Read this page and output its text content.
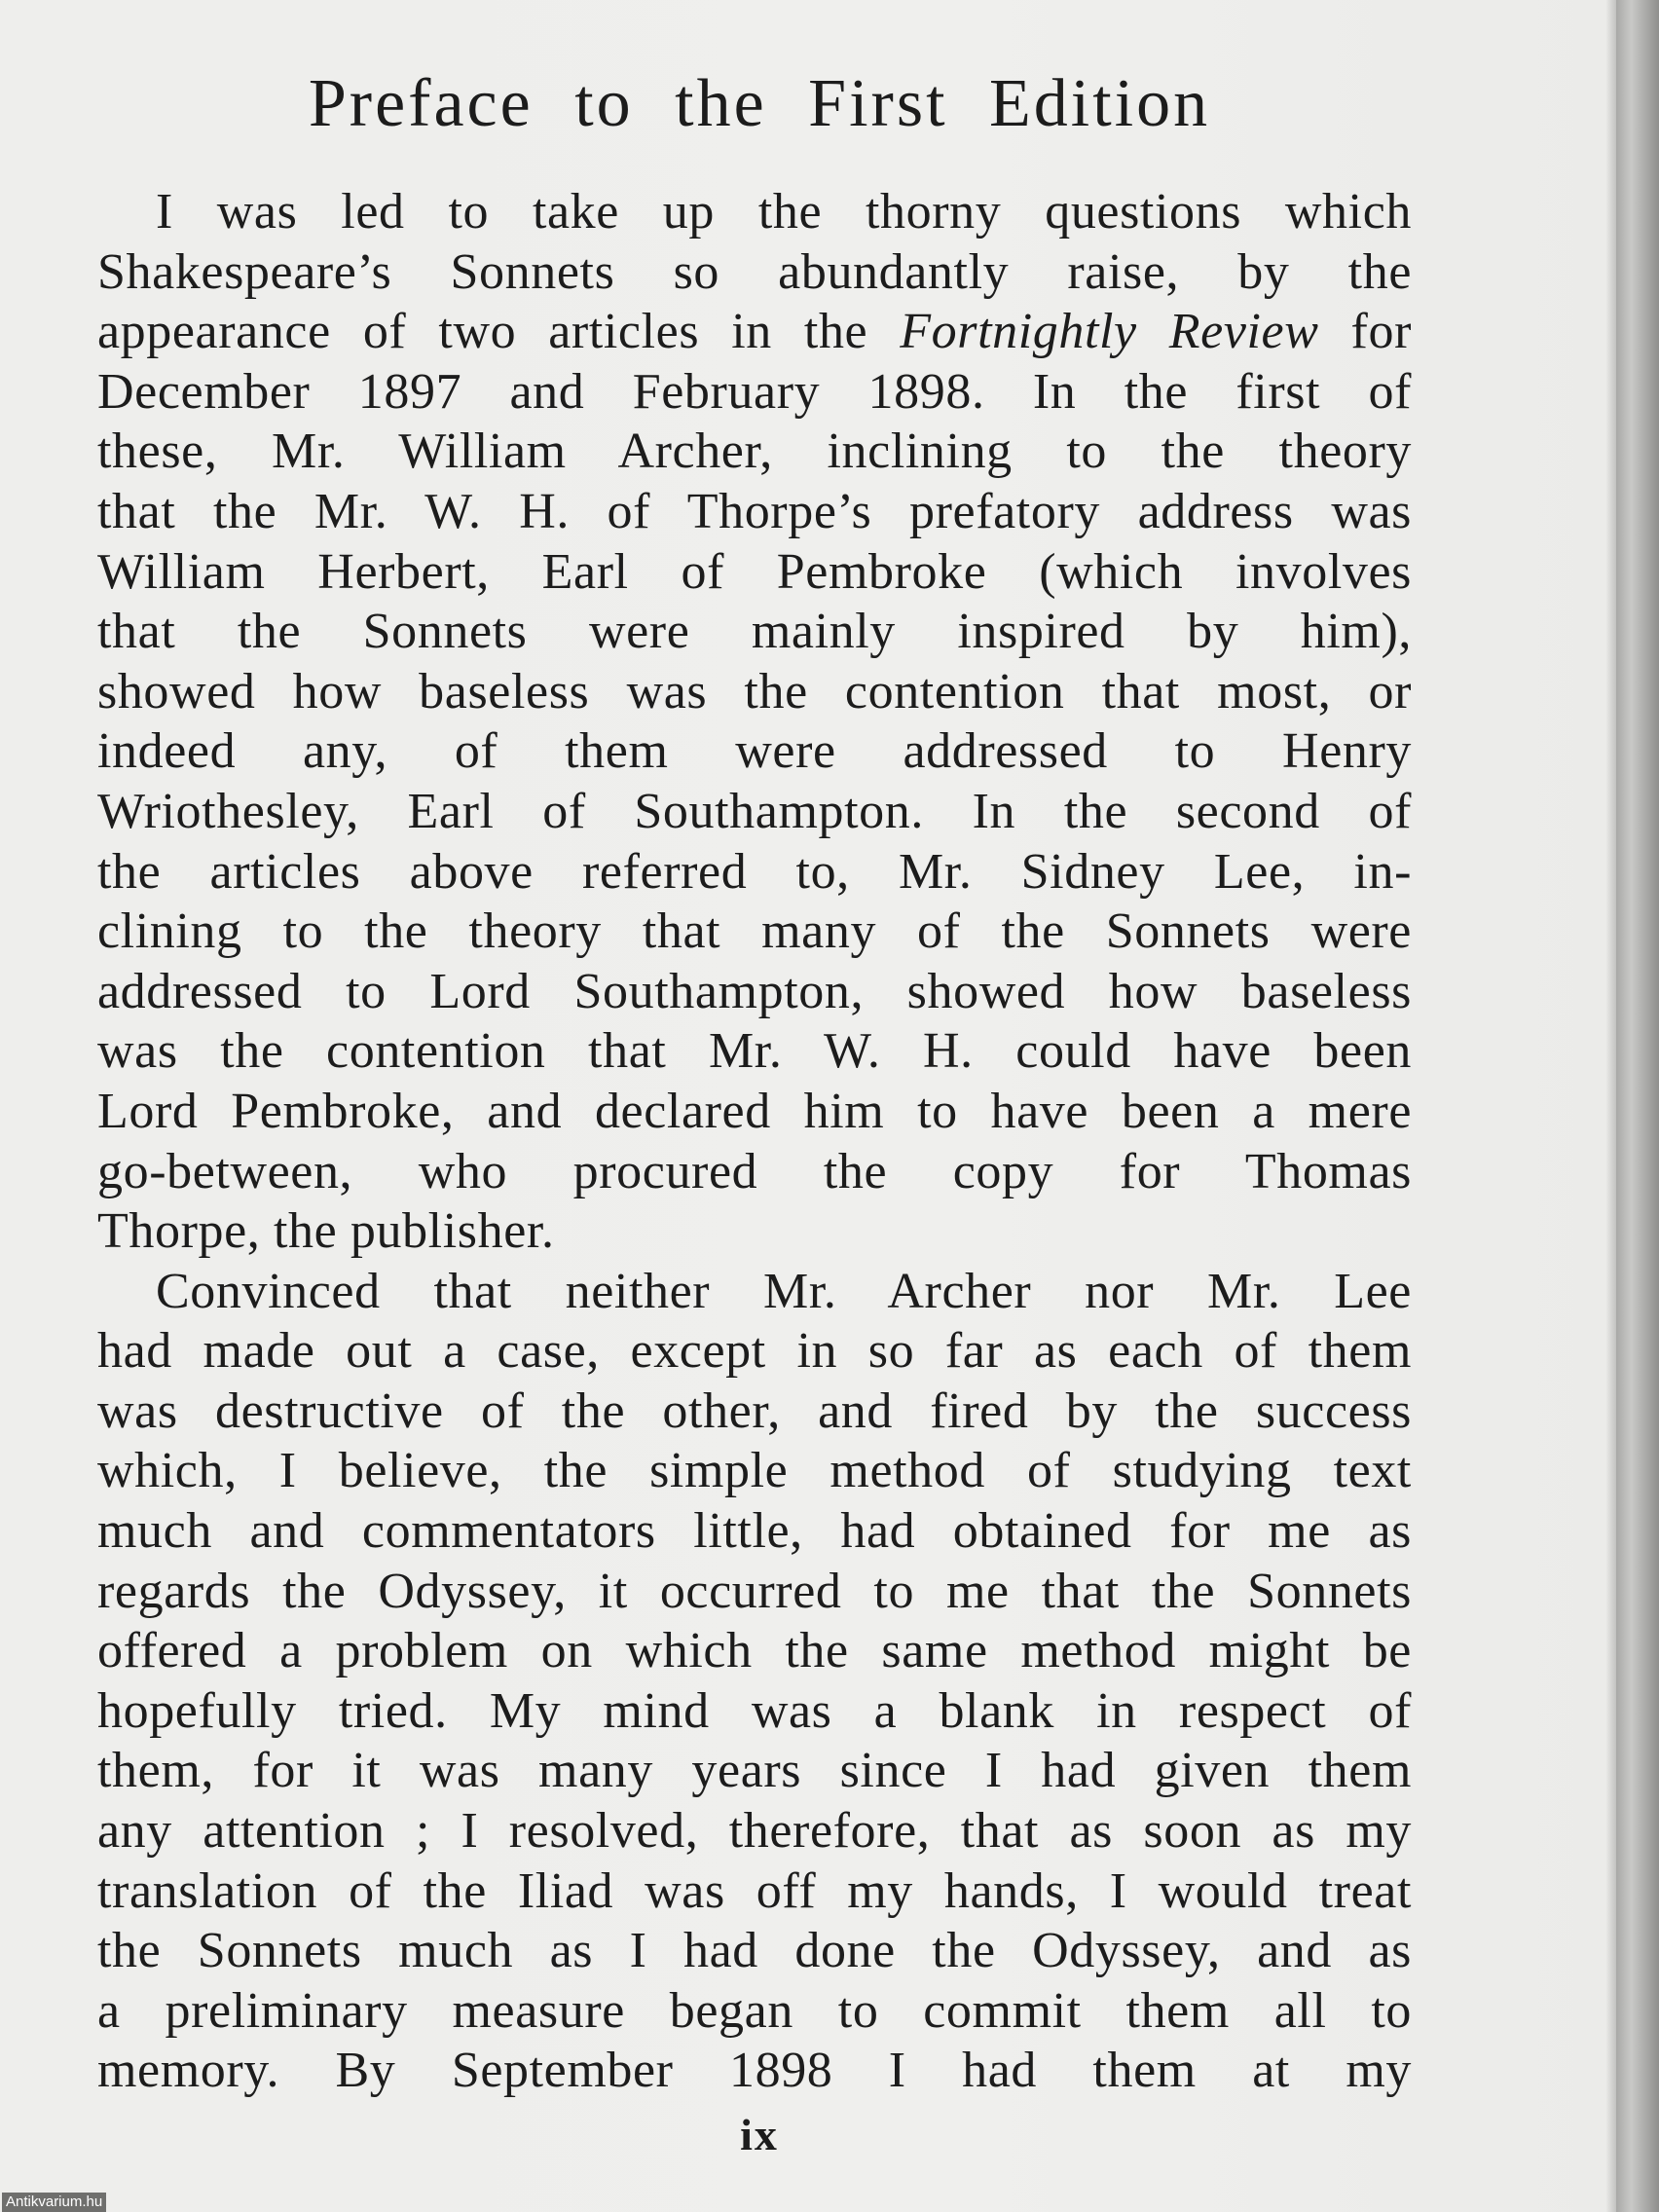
Preface to the First Edition
I was led to take up the thorny questions which
Shakespeare’s Sonnets so abundantly raise, by the
appearance of two articles in the Fortnightly Review for
December 1897 and February 1898. In the first of
these, Mr. William Archer, inclining to the theory
that the Mr. W. H. of Thorpe’s prefatory address was
William Herbert, Earl of Pembroke (which involves
that the Sonnets were mainly inspired by him),
showed how baseless was the contention that most, or
indeed any, of them were addressed to Henry
Wriothesley, Earl of Southampton. In the second of
the articles above referred to, Mr. Sidney Lee, in-
clining to the theory that many of the Sonnets were
addressed to Lord Southampton, showed how baseless
was the contention that Mr. W. H. could have been
Lord Pembroke, and declared him to have been a mere
go-between, who procured the copy for Thomas
Thorpe, the publisher.
Convinced that neither Mr. Archer nor Mr. Lee
had made out a case, except in so far as each of them
was destructive of the other, and fired by the success
which, I believe, the simple method of studying text
much and commentators little, had obtained for me as
regards the Odyssey, it occurred to me that the Sonnets
offered a problem on which the same method might be
hopefully tried. My mind was a blank in respect of
them, for it was many years since I had given them
any attention ; I resolved, therefore, that as soon as my
translation of the Iliad was off my hands, I would treat
the Sonnets much as I had done the Odyssey, and as
a preliminary measure began to commit them all to
memory. By September 1898 I had them at my
ix
Antikvarium.hu
